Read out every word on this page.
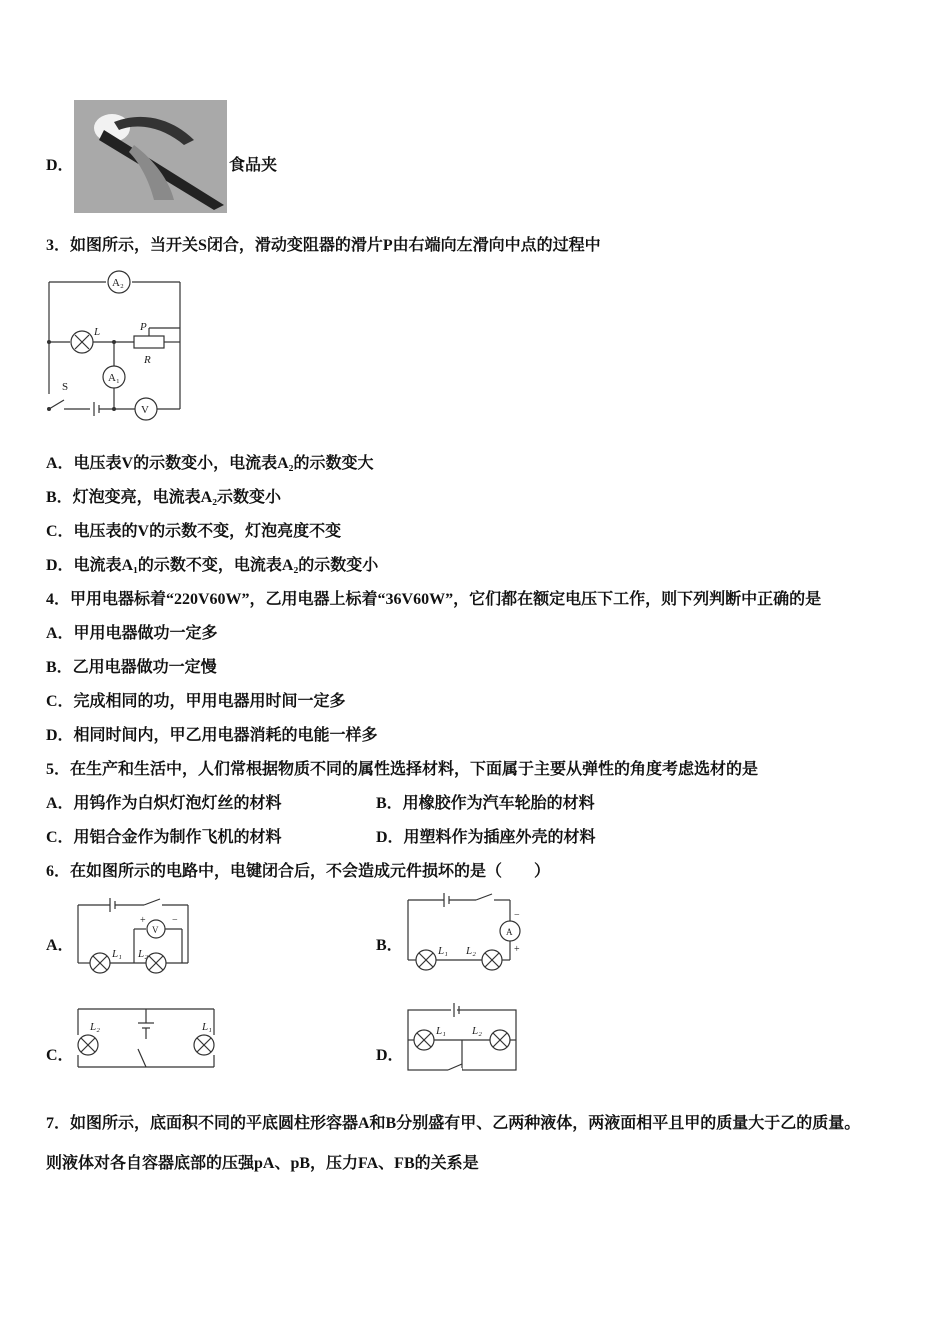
D．	食品夹
3．如图所示，当开关S闭合，滑动变阻器的滑片P由右端向左滑向中点的过程中
A₂
L	P
R
A₁
S
V
A．电压表V的示数变小，电流表A₂的示数变大
B．灯泡变亮，电流表A₂示数变小
C．电压表的V的示数不变，灯泡亮度不变
D．电流表A₁的示数不变，电流表A₂的示数变小
4．甲用电器标着“220V60W”，乙用电器上标着“36V60W”，它们都在额定电压下工作，则下列判断中正确的是
A．甲用电器做功一定多
B．乙用电器做功一定慢
C．完成相同的功，甲用电器用时间一定多
D．相同时间内，甲乙用电器消耗的电能一样多
5．在生产和生活中，人们常根据物质不同的属性选择材料，下面属于主要从弹性的角度考虑选材的是
A．用钨作为白炽灯泡灯丝的材料	B．用橡胶作为汽车轮胎的材料
C．用铝合金作为制作飞机的材料	D．用塑料作为插座外壳的材料
6．在如图所示的电路中，电键闭合后，不会造成元件损坏的是（　　）
A．	L₁ L₂
V
+	−
B．	L₁ L₂
A
−
+
C．
L₂	L₁
D．
L₁ L₂
7．如图所示，底面积不同的平底圆柱形容器A和B分别盛有甲、乙两种液体，两液面相平且甲的质量大于乙的质量。
则液体对各自容器底部的压强pA、pB，压力FA、FB的关系是
